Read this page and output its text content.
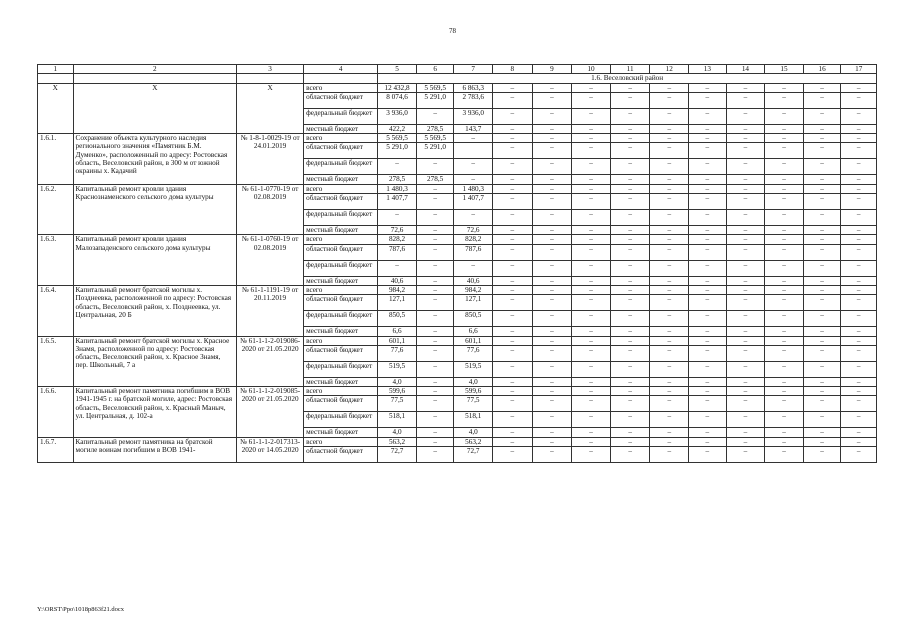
78
1	2	3	4	5	6	7	8	9	10	11	12	13	14	15	16	17
				1.6. Веселовский район												
Х	Х	Х	всего	12 432,8	5 569,5	6 863,3	–	–	–	–	–	–	–	–	–	–
			областной бюджет	8 074,6	5 291,0	2 783,6	–	–	–	–	–	–	–	–	–	–
			федеральный бюджет	3 936,0	–	3 936,0	–	–	–	–	–	–	–	–	–	–
			местный бюджет	422,2	278,5	143,7	–	–	–	–	–	–	–	–	–	–
1.6.1.	Сохранение объекта культурного наследия регионального значения «Памятник Б.М. Думенко», расположенный по адресу: Ростовская область, Веселовский район, в 300 м от южной окраины х. Кадачий	№ 1-8-1-0029-19 от 24.01.2019	всего	5 569,5	5 569,5	–	–	–	–	–	–	–	–	–	–	–
			областной бюджет	5 291,0	5 291,0		–	–	–	–	–	–	–	–	–	–
			федеральный бюджет	–	–	–	–	–	–	–	–	–	–	–	–	–
			местный бюджет	278,5	278,5	–	–	–	–	–	–	–	–	–	–	–
1.6.2.	Капитальный ремонт кровли здания Краснознаменского сельского дома культуры	№ 61-1-0770-19 от 02.08.2019	всего	1 480,3	–	1 480,3	–	–	–	–	–	–	–	–	–	–
			областной бюджет	1 407,7	–	1 407,7	–	–	–	–	–	–	–	–	–	–
			федеральный бюджет	–	–	–	–	–	–	–	–	–	–	–	–	–
			местный бюджет	72,6	–	72,6	–	–	–	–	–	–	–	–	–	–
1.6.3.	Капитальный ремонт кровли здания Малозападенского сельского дома культуры	№ 61-1-0760-19 от 02.08.2019	всего	828,2	–	828,2	–	–	–	–	–	–	–	–	–	–
			областной бюджет	787,6	–	787,6	–	–	–	–	–	–	–	–	–	–
			федеральный бюджет	–	–	–	–	–	–	–	–	–	–	–	–	–
			местный бюджет	40,6	–	40,6	–	–	–	–	–	–	–	–	–	–
1.6.4.	Капитальный ремонт братской могилы х. Позднеевка, расположенной по адресу: Ростовская область, Веселовский район, х. Позднеевка, ул. Центральная, 20 Б	№ 61-1-1191-19 от 20.11.2019	всего	984,2	–	984,2	–	–	–	–	–	–	–	–	–	–
			областной бюджет	127,1	–	127,1	–	–	–	–	–	–	–	–	–	–
			федеральный бюджет	850,5	–	850,5	–	–	–	–	–	–	–	–	–	–
			местный бюджет	6,6	–	6,6	–	–	–	–	–	–	–	–	–	–
1.6.5.	Капитальный ремонт братской могилы х. Красное Знамя, расположенной по адресу: Ростовская область, Веселовский район, х. Красное Знамя, пер. Школьный, 7 а	№ 61-1-1-2-019086-2020 от 21.05.2020	всего	601,1	–	601,1	–	–	–	–	–	–	–	–	–	–
			областной бюджет	77,6	–	77,6	–	–	–	–	–	–	–	–	–	–
			федеральный бюджет	519,5	–	519,5	–	–	–	–	–	–	–	–	–	–
			местный бюджет	4,0	–	4,0	–	–	–	–	–	–	–	–	–	–
1.6.6.	Капитальный ремонт памятника погибшим в ВОВ 1941-1945 г. на братской могиле, адрес: Ростовская область, Веселовский район, х. Красный Маныч, ул. Центральная, д. 102-а	№ 61-1-1-2-019085-2020 от 21.05.2020	всего	599,6	–	599,6	–	–	–	–	–	–	–	–	–	–
			областной бюджет	77,5	–	77,5	–	–	–	–	–	–	–	–	–	–
			федеральный бюджет	518,1	–	518,1	–	–	–	–	–	–	–	–	–	–
			местный бюджет	4,0	–	4,0	–	–	–	–	–	–	–	–	–	–
1.6.7.	Капитальный ремонт памятника на братской могиле воинам погибшим в ВОВ 1941-	№ 61-1-1-2-017313-2020 от 14.05.2020	всего	563,2	–	563,2	–	–	–	–	–	–	–	–	–	–
			областной бюджет	72,7	–	72,7	–	–	–	–	–	–	–	–	–	–
Y:\ORST\Ppo\1018p863f21.docx
